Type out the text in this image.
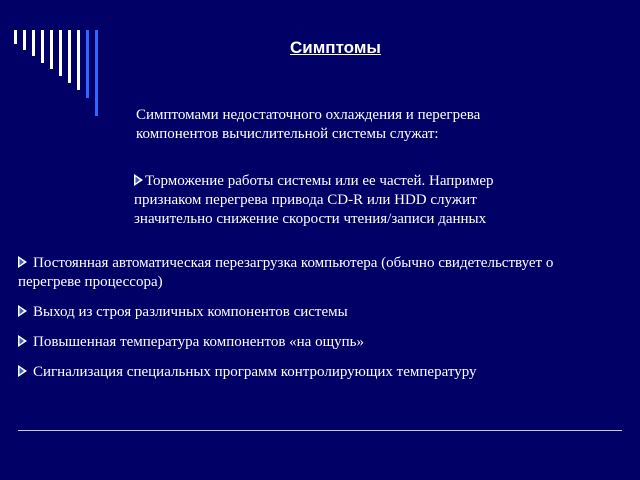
Симптомы
Симптомами недостаточного охлаждения и перегрева компонентов вычислительной системы служат:
Торможение работы системы или ее частей. Например признаком перегрева привода CD-R или HDD служит значительно снижение скорости чтения/записи данных
Постоянная автоматическая перезагрузка компьютера (обычно свидетельствует о перегреве процессора)
Выход из строя различных компонентов системы
Повышенная температура компонентов «на ощупь»
Сигнализация специальных программ контролирующих температуру
